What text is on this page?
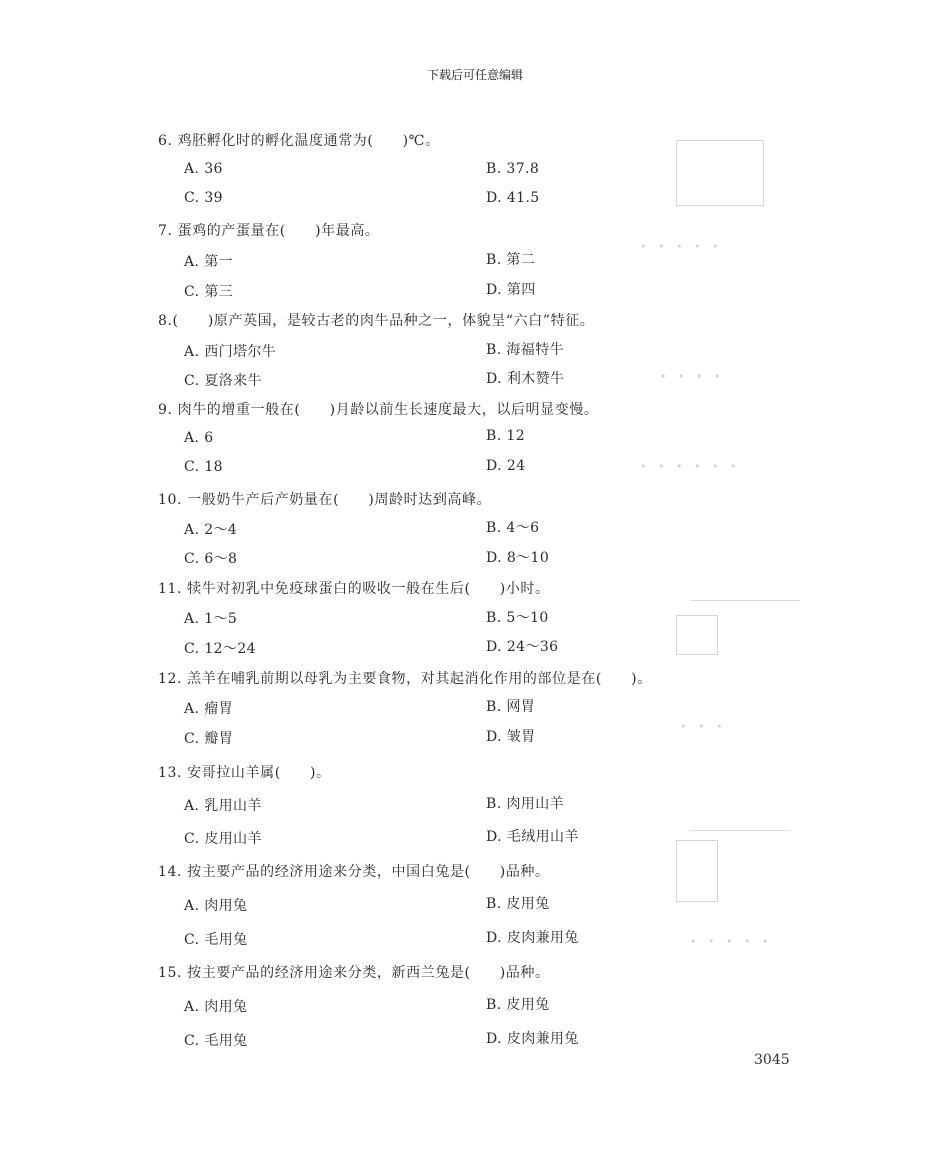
下载后可任意编辑
• • • • •
• • • •
• • • • • •
• • •
• • • • •
6. 鸡胚孵化时的孵化温度通常为(　　)℃。
A. 36	B. 37.8
C. 39	D. 41.5
7. 蛋鸡的产蛋量在(　　)年最高。
A. 第一	B. 第二
C. 第三	D. 第四
8.(　　)原产英国，是较古老的肉牛品种之一，体貌呈“六白”特征。
A. 西门塔尔牛	B. 海福特牛
C. 夏洛来牛	D. 利木赞牛
9. 肉牛的增重一般在(　　)月龄以前生长速度最大，以后明显变慢。
A. 6	B. 12
C. 18	D. 24
10. 一般奶牛产后产奶量在(　　)周龄时达到高峰。
A. 2～4	B. 4～6
C. 6～8	D. 8～10
11. 犊牛对初乳中免疫球蛋白的吸收一般在生后(　　)小时。
A. 1～5	B. 5～10
C. 12～24	D. 24～36
12. 羔羊在哺乳前期以母乳为主要食物，对其起消化作用的部位是在(　　)。
A. 瘤胃	B. 网胃
C. 瓣胃	D. 皱胃
13. 安哥拉山羊属(　　)。
A. 乳用山羊	B. 肉用山羊
C. 皮用山羊	D. 毛绒用山羊
14. 按主要产品的经济用途来分类，中国白兔是(　　)品种。
A. 肉用兔	B. 皮用兔
C. 毛用兔	D. 皮肉兼用兔
15. 按主要产品的经济用途来分类，新西兰兔是(　　)品种。
A. 肉用兔	B. 皮用兔
C. 毛用兔	D. 皮肉兼用兔
3045
